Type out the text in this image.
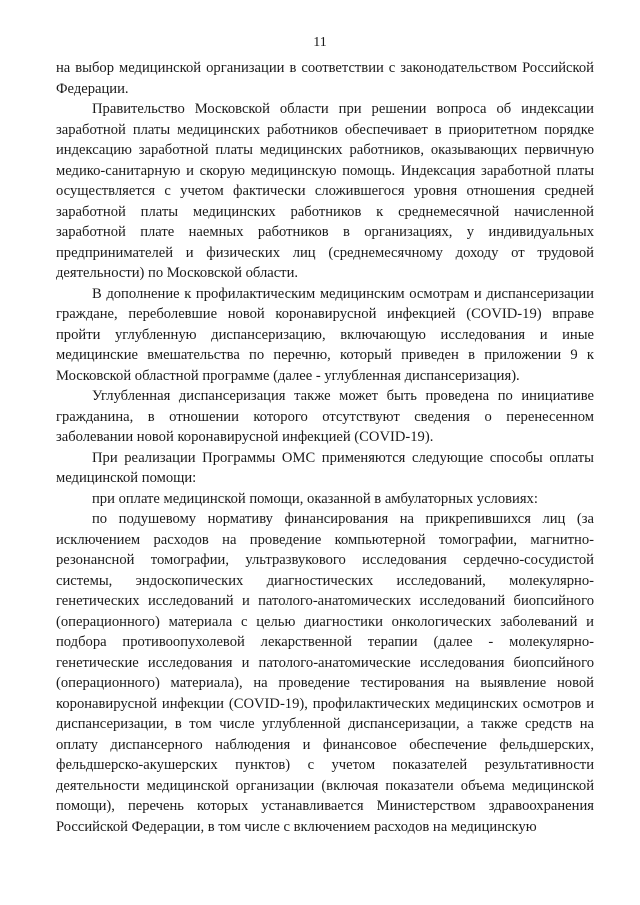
11

на выбор медицинской организации в соответствии с законодательством Российской Федерации.

Правительство Московской области при решении вопроса об индексации заработной платы медицинских работников обеспечивает в приоритетном порядке индексацию заработной платы медицинских работников, оказывающих первичную медико-санитарную и скорую медицинскую помощь. Индексация заработной платы осуществляется с учетом фактически сложившегося уровня отношения средней заработной платы медицинских работников к среднемесячной начисленной заработной плате наемных работников в организациях, у индивидуальных предпринимателей и физических лиц (среднемесячному доходу от трудовой деятельности) по Московской области.

В дополнение к профилактическим медицинским осмотрам и диспансеризации граждане, переболевшие новой коронавирусной инфекцией (COVID-19) вправе пройти углубленную диспансеризацию, включающую исследования и иные медицинские вмешательства по перечню, который приведен в приложении 9 к Московской областной программе (далее - углубленная диспансеризация).

Углубленная диспансеризация также может быть проведена по инициативе гражданина, в отношении которого отсутствуют сведения о перенесенном заболевании новой коронавирусной инфекцией (COVID-19).

При реализации Программы ОМС применяются следующие способы оплаты медицинской помощи:

при оплате медицинской помощи, оказанной в амбулаторных условиях:

по подушевому нормативу финансирования на прикрепившихся лиц (за исключением расходов на проведение компьютерной томографии, магнитно-резонансной томографии, ультразвукового исследования сердечно-сосудистой системы, эндоскопических диагностических исследований, молекулярно-генетических исследований и патолого-анатомических исследований биопсийного (операционного) материала с целью диагностики онкологических заболеваний и подбора противоопухолевой лекарственной терапии (далее - молекулярно-генетические исследования и патолого-анатомические исследования биопсийного (операционного) материала), на проведение тестирования на выявление новой коронавирусной инфекции (COVID-19), профилактических медицинских осмотров и диспансеризации, в том числе углубленной диспансеризации, а также средств на оплату диспансерного наблюдения и финансовое обеспечение фельдшерских, фельдшерско-акушерских пунктов) с учетом показателей результативности деятельности медицинской организации (включая показатели объема медицинской помощи), перечень которых устанавливается Министерством здравоохранения Российской Федерации, в том числе с включением расходов на медицинскую
